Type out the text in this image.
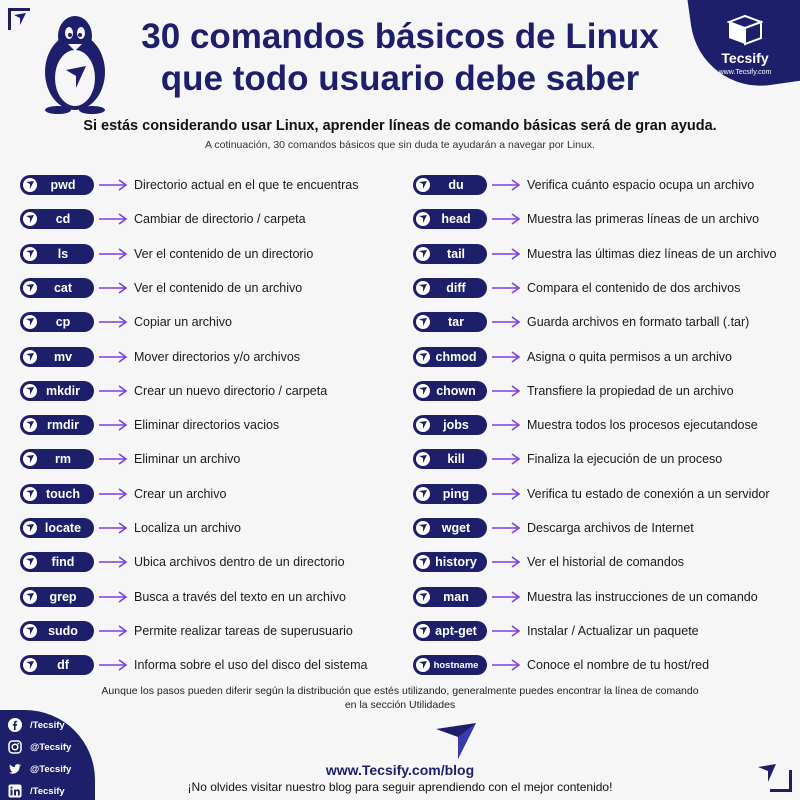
Tecsify
www.Tecsify.com
30 comandos básicos de Linux
que todo usuario debe saber
Si estás considerando usar Linux, aprender líneas de comando básicas será de gran ayuda.
A cotinuación, 30 comandos básicos que sin duda te ayudarán a navegar por Linux.
pwd	Directorio actual en el que te encuentras
cd	Cambiar de directorio / carpeta
ls	Ver el contenido de un directorio
cat	Ver el contenido de un archivo
cp	Copiar un archivo
mv	Mover directorios y/o archivos
mkdir	Crear un nuevo directorio / carpeta
rmdir	Eliminar directorios vacios
rm	Eliminar un archivo
touch	Crear un archivo
locate	Localiza un archivo
find	Ubica archivos dentro de un directorio
grep	Busca a través del texto en un archivo
sudo	Permite realizar tareas de superusuario
df	Informa sobre el uso del disco del sistema
du	Verifica cuánto espacio ocupa un archivo
head	Muestra las primeras líneas de un archivo
tail	Muestra las últimas diez líneas de un archivo
diff	Compara el contenido de dos archivos
tar	Guarda archivos en formato tarball (.tar)
chmod	Asigna o quita permisos a un archivo
chown	Transfiere la propiedad de un archivo
jobs	Muestra todos los procesos ejecutandose
kill	Finaliza la ejecución de un proceso
ping	Verifica tu estado de conexión a un servidor
wget	Descarga archivos de Internet
history	Ver el historial de comandos
man	Muestra las instrucciones de un comando
apt-get	Instalar / Actualizar un paquete
hostname	Conoce el nombre de tu host/red
Aunque los pasos pueden diferir según la distribución que estés utilizando, generalmente puedes encontrar la línea de comando en la sección Utilidades
www.Tecsify.com/blog
¡No olvides visitar nuestro blog para seguir aprendiendo con el mejor contenido!
/Tecsify
@Tecsify
@Tecsify
/Tecsify
